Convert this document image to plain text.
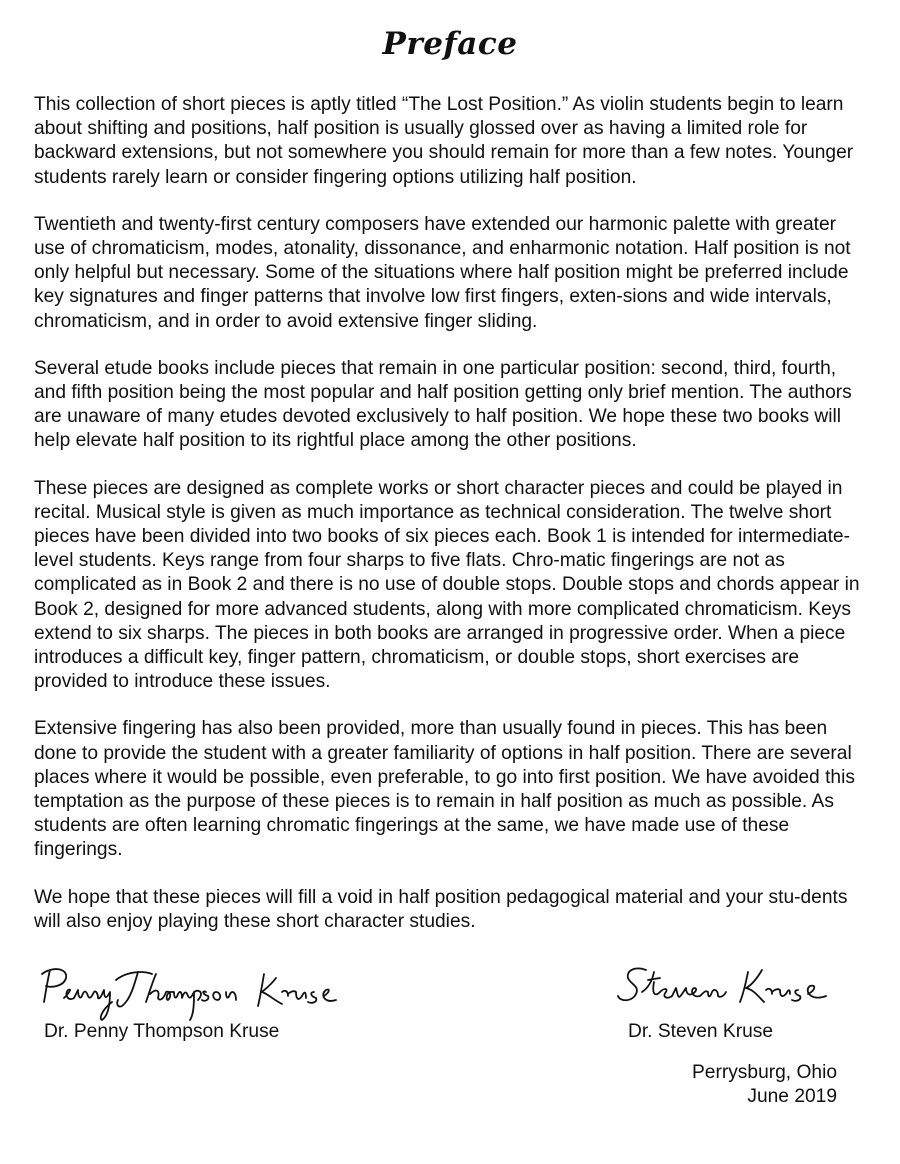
Preface

This collection of short pieces is aptly titled “The Lost Position.” As violin students begin to learn about shifting and positions, half position is usually glossed over as having a limited role for backward extensions, but not somewhere you should remain for more than a few notes. Younger students rarely learn or consider fingering options utilizing half position.

Twentieth and twenty-first century composers have extended our harmonic palette with greater use of chromaticism, modes, atonality, dissonance, and enharmonic notation. Half position is not only helpful but necessary. Some of the situations where half position might be preferred include key signatures and finger patterns that involve low first fingers, exten-sions and wide intervals, chromaticism, and in order to avoid extensive finger sliding.

Several etude books include pieces that remain in one particular position: second, third, fourth, and fifth position being the most popular and half position getting only brief mention. The authors are unaware of many etudes devoted exclusively to half position. We hope these two books will help elevate half position to its rightful place among the other positions.

These pieces are designed as complete works or short character pieces and could be played in recital. Musical style is given as much importance as technical consideration. The twelve short pieces have been divided into two books of six pieces each. Book 1 is intended for intermediate-level students. Keys range from four sharps to five flats. Chro-matic fingerings are not as complicated as in Book 2 and there is no use of double stops. Double stops and chords appear in Book 2, designed for more advanced students, along with more complicated chromaticism. Keys extend to six sharps. The pieces in both books are arranged in progressive order. When a piece introduces a difficult key, finger pattern, chromaticism, or double stops, short exercises are provided to introduce these issues.

Extensive fingering has also been provided, more than usually found in pieces. This has been done to provide the student with a greater familiarity of options in half position. There are several places where it would be possible, even preferable, to go into first position. We have avoided this temptation as the purpose of these pieces is to remain in half position as much as possible. As students are often learning chromatic fingerings at the same, we have made use of these fingerings.

We hope that these pieces will fill a void in half position pedagogical material and your stu-dents will also enjoy playing these short character studies.

Dr. Penny Thompson Kruse	Dr. Steven Kruse
Perrysburg, Ohio
June 2019
